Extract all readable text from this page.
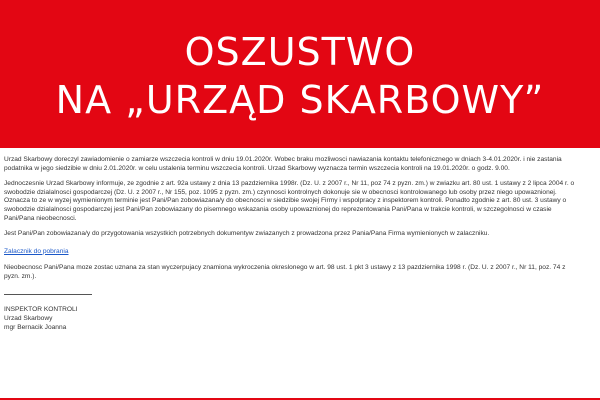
OSZUSTWO
NA „URZĄD SKARBOWY”

Urzad Skarbowy doreczyl zawiadomienie o zamiarze wszczecia kontroli w dniu 19.01.2020r. Wobec braku mozliwosci nawiazania kontaktu telefonicznego w dniach 3-4.01.2020r. i nie zastania podatnika w jego siedzibie w dniu 2.01.2020r. w celu ustalenia terminu wszczecia kontroli. Urzad Skarbowy wyznacza termin wszczecia kontroli na 19.01.2020r. o godz. 9.00.

Jednoczesnie Urzad Skarbowy informuje, ze zgodnie z art. 92a ustawy z dnia 13 pazdziernika 1998r. (Dz. U. z 2007 r., Nr 11, poz 74 z pyzn. zm.) w zwiazku art. 80 ust. 1 ustawy z 2 lipca 2004 r. o swobodzie dzialalnosci gospodarczej (Dz. U. z 2007 r., Nr 155, poz. 1095 z pyzn. zm.) czynnosci kontrolnych dokonuje sie w obecnosci kontrolowanego lub osoby przez niego upowaznionej. Oznacza to ze w wyzej wymienionym terminie jest Pani/Pan zobowiazana/y do obecnosci w siedzibie swojej Firmy i wspolpracy z inspektorem kontroli. Ponadto zgodnie z art. 80 ust. 3 ustawy o swobodzie dzialalnosci gospodarczej jest Pani/Pan zobowiazany do pisemnego wskazania osoby upowaznionej do reprezentowania Pani/Pana w trakcie kontroli, w szczegolnosci w czasie Pani/Pana nieobecnosci.

Jest Pani/Pan zobowiazana/y do przygotowania wszystkich potrzebnych dokumentyw zwiazanych z prowadzona przez Pania/Pana Firma wymienionych w zalaczniku.

Zalacznik do pobrania

Nieobecnosc Pani/Pana moze zostac uznana za stan wyczerpujacy znamiona wykroczenia okreslonego w art. 98 ust. 1 pkt 3 ustawy z 13 pazdziernika 1998 r. (Dz. U. z 2007 r., Nr 11, poz. 74 z pyzn. zm.).

INSPEKTOR KONTROLI
Urzad Skarbowy
mgr Bernacik Joanna
